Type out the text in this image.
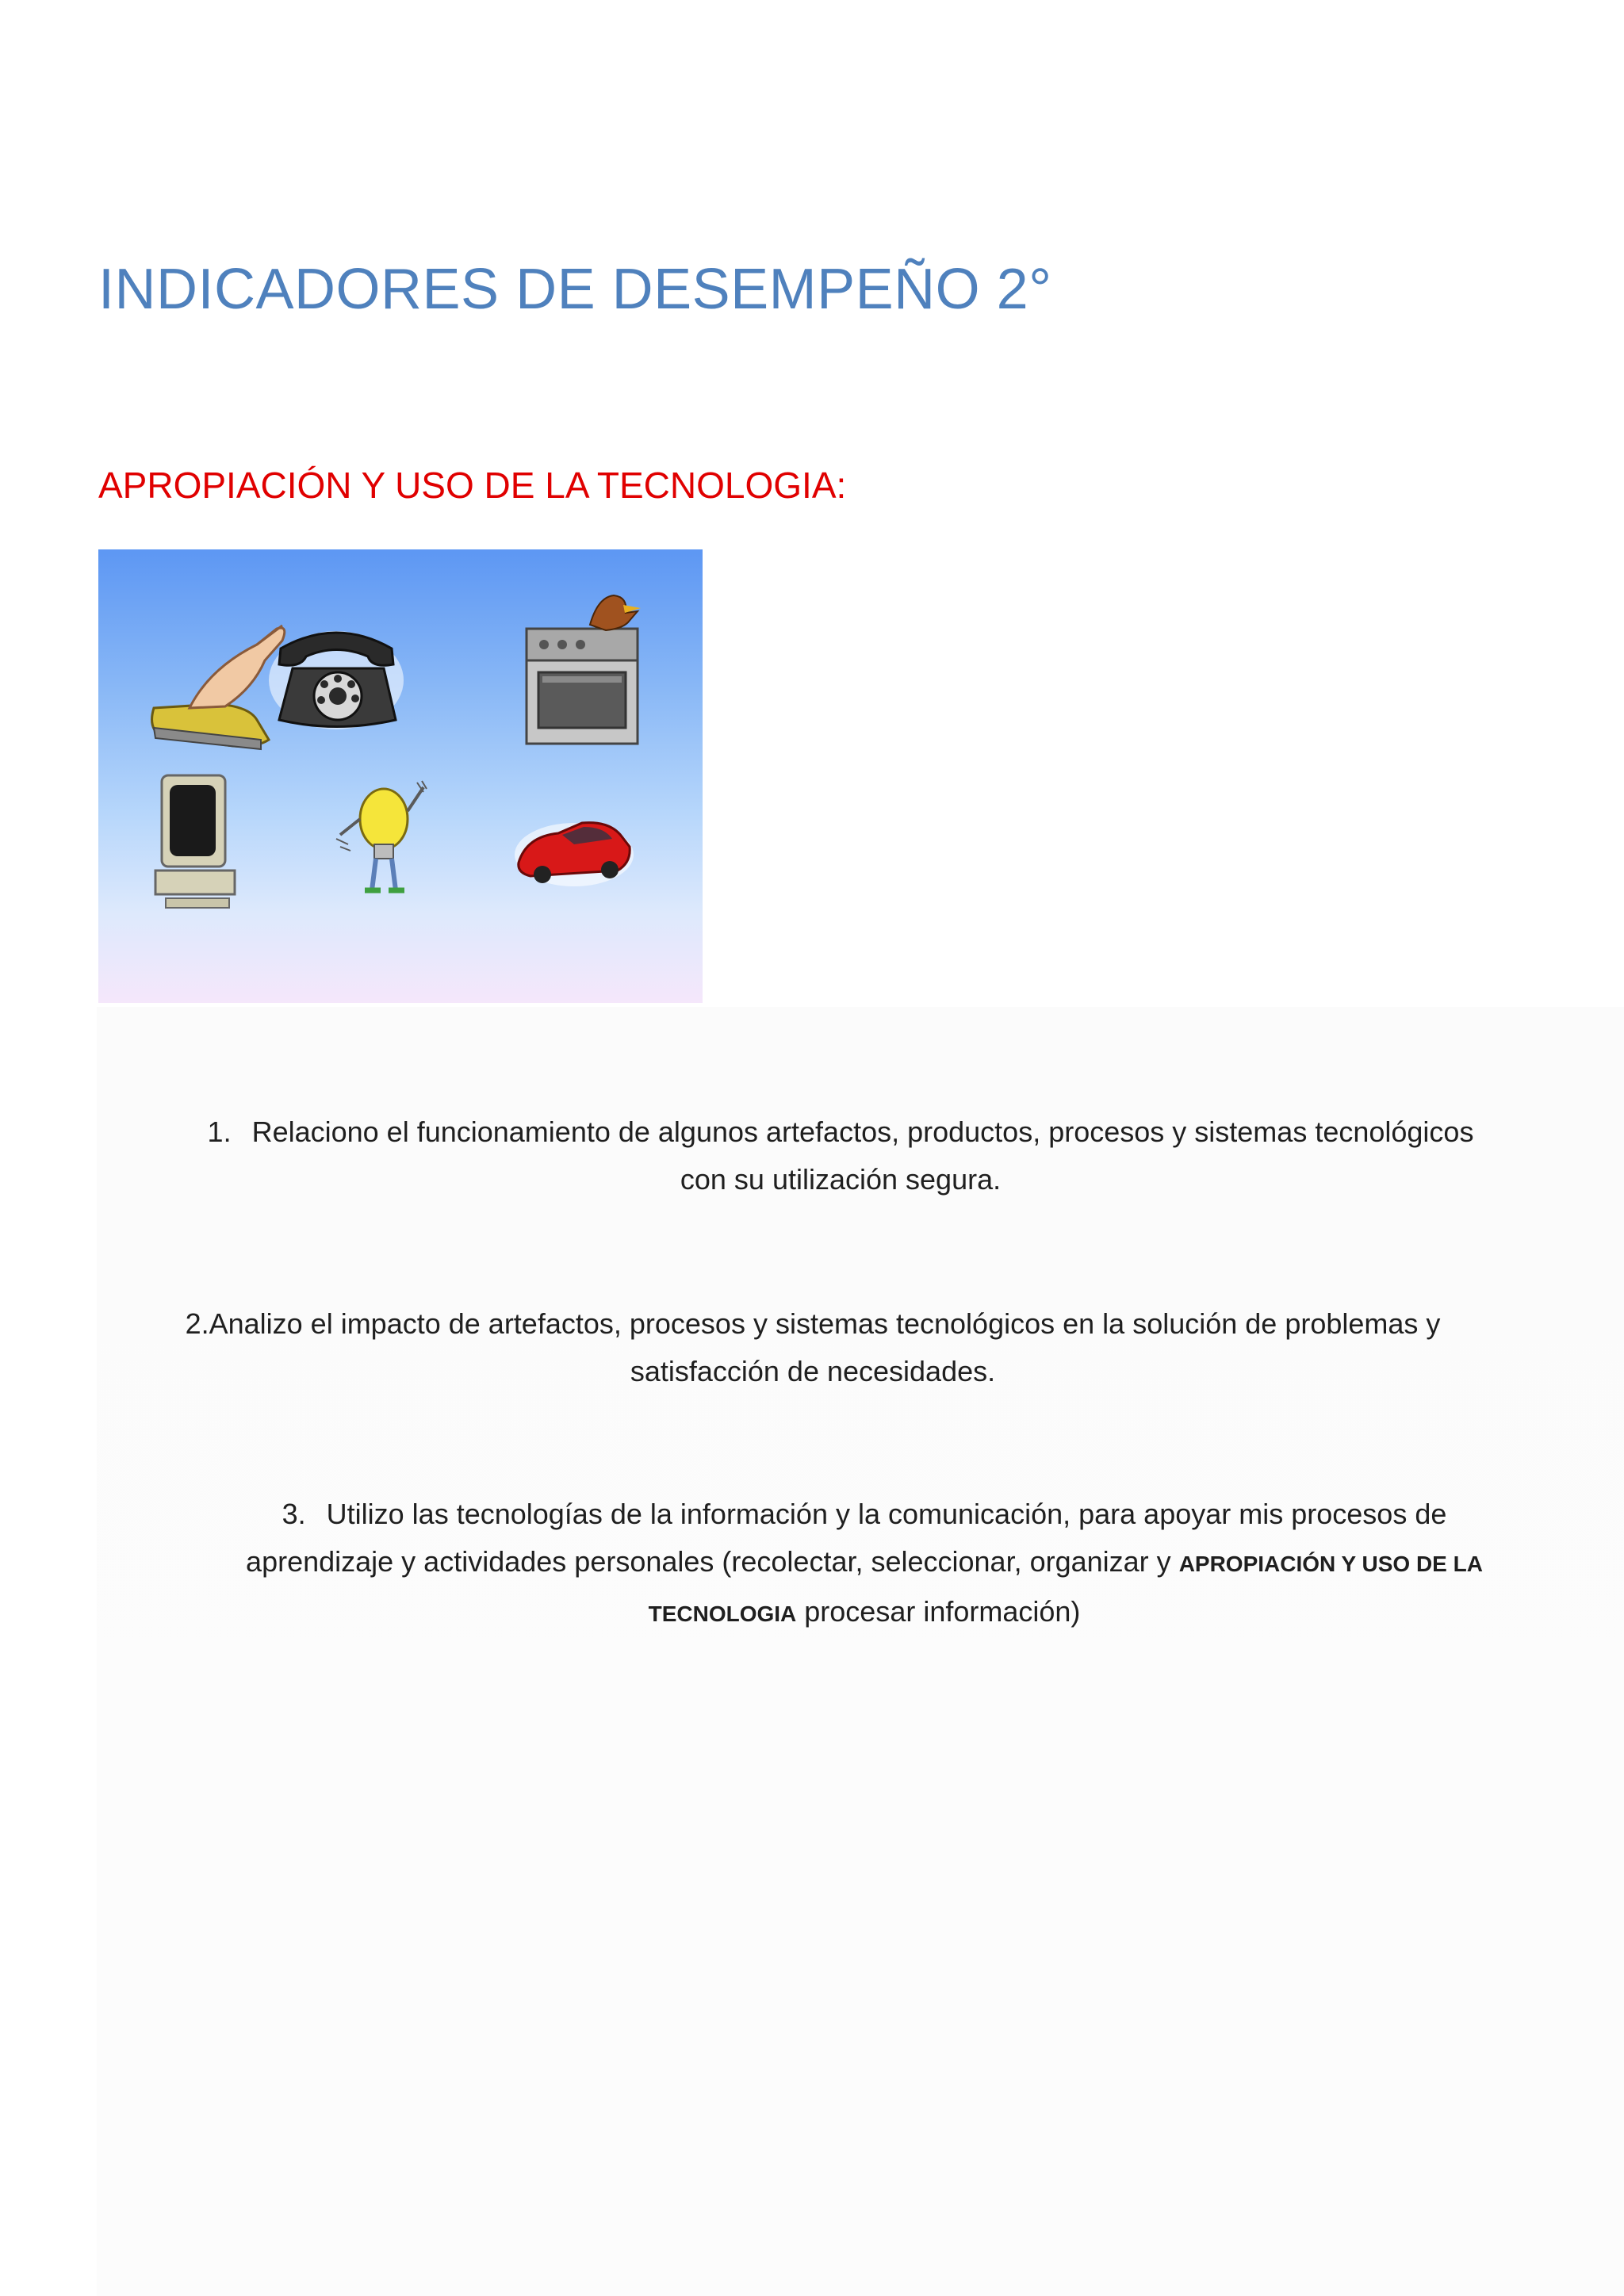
INDICADORES DE DESEMPEÑO 2°
APROPIACIÓN Y USO DE LA TECNOLOGIA:
1. Relaciono el funcionamiento de algunos artefactos, productos, procesos y sistemas tecnológicos
con su utilización segura.
2.Analizo el impacto de artefactos, procesos y sistemas tecnológicos en la solución de problemas y
satisfacción de necesidades.
3. Utilizo las tecnologías de la información y la comunicación, para apoyar mis procesos de
aprendizaje y actividades personales (recolectar, seleccionar, organizar y APROPIACIÓN Y USO DE LA
TECNOLOGIA procesar información)
